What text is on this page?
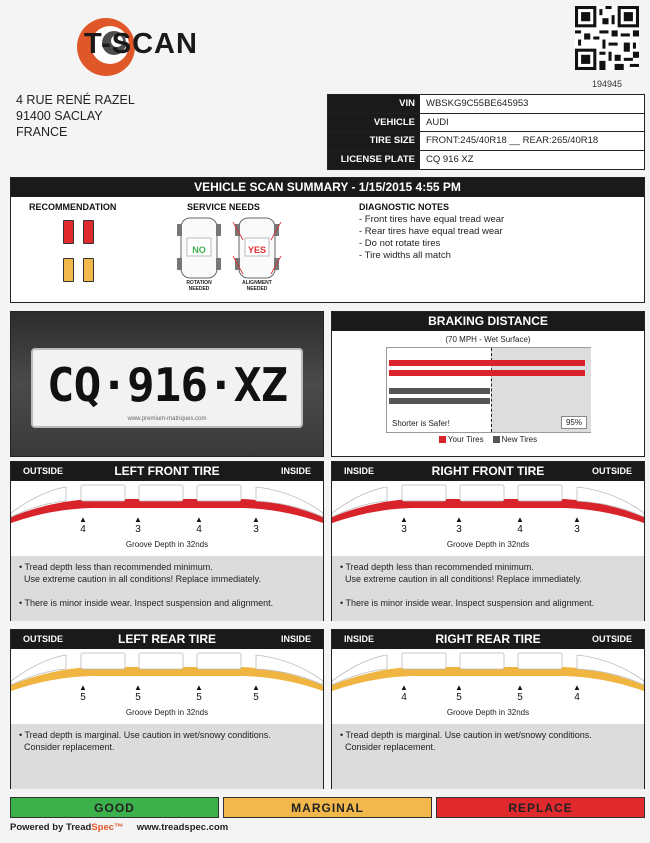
T-SCAN
194945
4 RUE RENÉ RAZEL
91400 SACLAY
FRANCE
VIN	WBSKG9C55BE645953
VEHICLE	AUDI
TIRE SIZE	FRONT:245/40R18 __ REAR:265/40R18
LICENSE PLATE	CQ 916 XZ
VEHICLE SCAN SUMMARY - 1/15/2015 4:55 PM
RECOMMENDATION	SERVICE NEEDS	DIAGNOSTIC NOTES
NO	YES
ROTATION
NEEDED
ALIGNMENT
NEEDED
- Front tires have equal tread wear
- Rear tires have equal tread wear
- Do not rotate tires
- Tire widths all match
CQ·916·XZ
www.premium-matriques.com
BRAKING DISTANCE
(70 MPH - Wet Surface)
Shorter is Safer!	95%
Your Tires New Tires
OUTSIDE	LEFT FRONT TIRE	INSIDE
▲
4
▲
3
▲
4
▲
3
Groove Depth in 32nds
• Tread depth less than recommended minimum.
Use extreme caution in all conditions! Replace immediately.
• There is minor inside wear. Inspect suspension and alignment.
INSIDE	RIGHT FRONT TIRE	OUTSIDE
▲
3
▲
3
▲
4
▲
3
Groove Depth in 32nds
• Tread depth less than recommended minimum.
Use extreme caution in all conditions! Replace immediately.
• There is minor inside wear. Inspect suspension and alignment.
OUTSIDE	LEFT REAR TIRE	INSIDE
▲
5
▲
5
▲
5
▲
5
Groove Depth in 32nds
• Tread depth is marginal. Use caution in wet/snowy conditions.
Consider replacement.
INSIDE	RIGHT REAR TIRE	OUTSIDE
▲
4
▲
5
▲
5
▲
4
Groove Depth in 32nds
• Tread depth is marginal. Use caution in wet/snowy conditions.
Consider replacement.
GOOD	MARGINAL	REPLACE
Powered by TreadSpec™ www.treadspec.com
